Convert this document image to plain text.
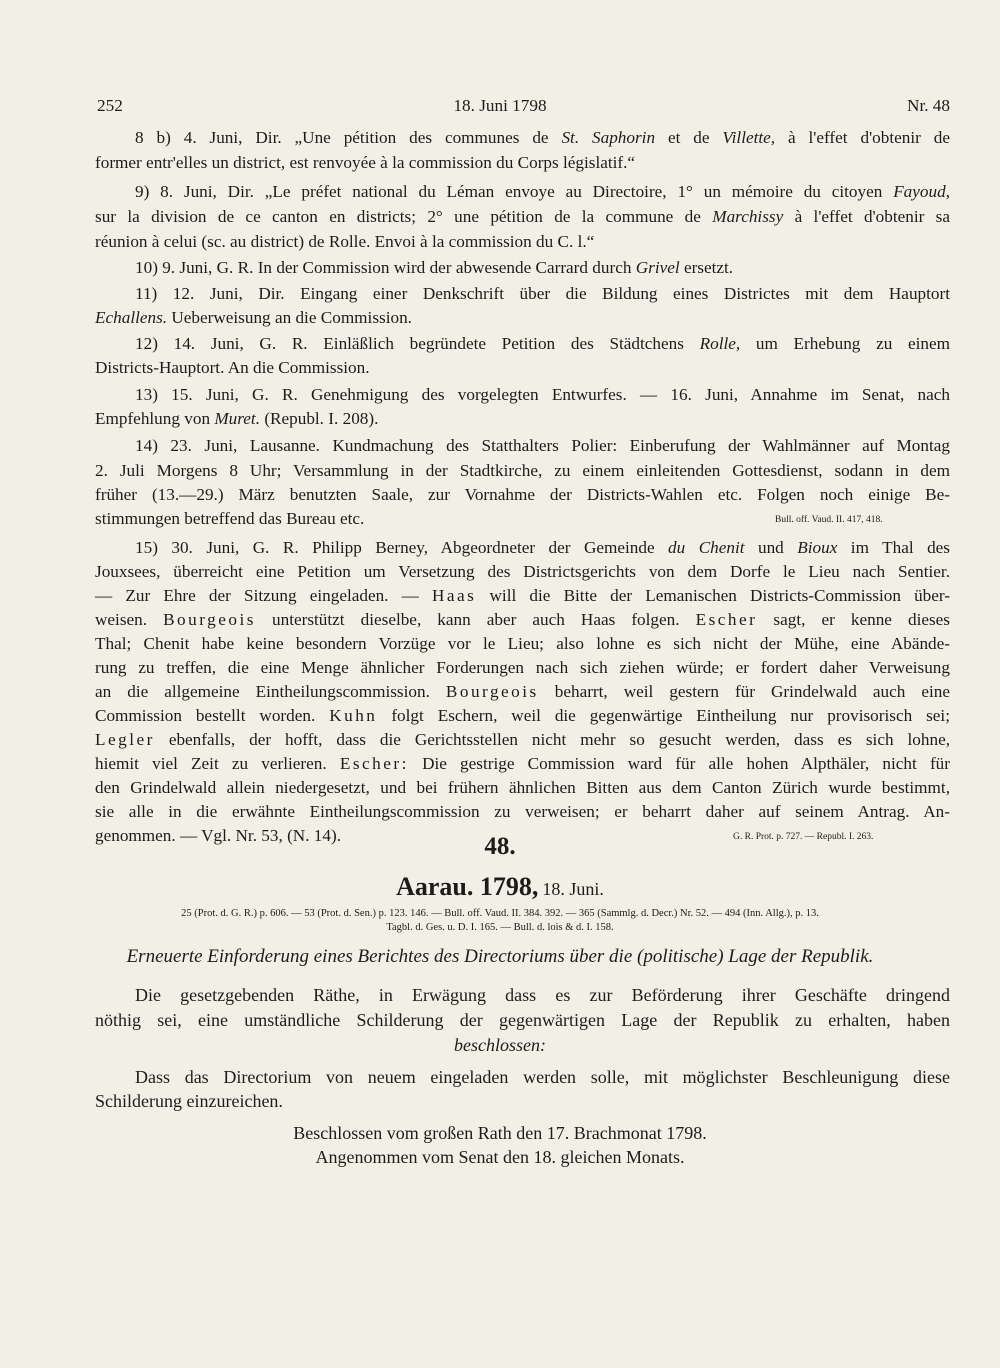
252	18. Juni 1798	Nr. 48
8 b) 4. Juni, Dir. „Une pétition des communes de St. Saphorin et de Villette, à l'effet d'obtenir de
former entr'elles un district, est renvoyée à la commission du Corps législatif.“
9) 8. Juni, Dir. „Le préfet national du Léman envoye au Directoire, 1° un mémoire du citoyen Fayoud,
sur la division de ce canton en districts; 2° une pétition de la commune de Marchissy à l'effet d'obtenir sa
réunion à celui (sc. au district) de Rolle. Envoi à la commission du C. l.“
10) 9. Juni, G. R. In der Commission wird der abwesende Carrard durch Grivel ersetzt.
11) 12. Juni, Dir. Eingang einer Denkschrift über die Bildung eines Districtes mit dem Hauptort
Echallens. Ueberweisung an die Commission.
12) 14. Juni, G. R. Einläßlich begründete Petition des Städtchens Rolle, um Erhebung zu einem
Districts-Hauptort. An die Commission.
13) 15. Juni, G. R. Genehmigung des vorgelegten Entwurfes. — 16. Juni, Annahme im Senat, nach
Empfehlung von Muret. (Republ. I. 208).
14) 23. Juni, Lausanne. Kundmachung des Statthalters Polier: Einberufung der Wahlmänner auf Montag
2. Juli Morgens 8 Uhr; Versammlung in der Stadtkirche, zu einem einleitenden Gottesdienst, sodann in dem
früher (13.—29.) März benutzten Saale, zur Vornahme der Districts-Wahlen etc. Folgen noch einige Be-
stimmungen betreffend das Bureau etc.	Bull. off. Vaud. II. 417, 418.
15) 30. Juni, G. R. Philipp Berney, Abgeordneter der Gemeinde du Chenit und Bioux im Thal des
Jouxsees, überreicht eine Petition um Versetzung des Districtsgerichts von dem Dorfe le Lieu nach Sentier.
— Zur Ehre der Sitzung eingeladen. — Haas will die Bitte der Lemanischen Districts-Commission über-
weisen. Bourgeois unterstützt dieselbe, kann aber auch Haas folgen. Escher sagt, er kenne dieses
Thal; Chenit habe keine besondern Vorzüge vor le Lieu; also lohne es sich nicht der Mühe, eine Abände-
rung zu treffen, die eine Menge ähnlicher Forderungen nach sich ziehen würde; er fordert daher Verweisung
an die allgemeine Eintheilungscommission. Bourgeois beharrt, weil gestern für Grindelwald auch eine
Commission bestellt worden. Kuhn folgt Eschern, weil die gegenwärtige Eintheilung nur provisorisch sei;
Legler ebenfalls, der hofft, dass die Gerichtsstellen nicht mehr so gesucht werden, dass es sich lohne,
hiemit viel Zeit zu verlieren. Escher: Die gestrige Commission ward für alle hohen Alpthäler, nicht für
den Grindelwald allein niedergesetzt, und bei frühern ähnlichen Bitten aus dem Canton Zürich wurde bestimmt,
sie alle in die erwähnte Eintheilungscommission zu verweisen; er beharrt daher auf seinem Antrag. An-
genommen. — Vgl. Nr. 53, (N. 14).	G. R. Prot. p. 727. — Republ. I. 263.
48.
Aarau. 1798, 18. Juni.
25 (Prot. d. G. R.) p. 606. — 53 (Prot. d. Sen.) p. 123. 146. — Bull. off. Vaud. II. 384. 392. — 365 (Sammlg. d. Decr.) Nr. 52. — 494 (Inn. Allg.), p. 13.
Tagbl. d. Ges. u. D. I. 165. — Bull. d. lois & d. I. 158.
Erneuerte Einforderung eines Berichtes des Directoriums über die (politische) Lage der Republik.
Die gesetzgebenden Räthe, in Erwägung dass es zur Beförderung ihrer Geschäfte dringend
nöthig sei, eine umständliche Schilderung der gegenwärtigen Lage der Republik zu erhalten, haben
beschlossen:
Dass das Directorium von neuem eingeladen werden solle, mit möglichster Beschleunigung diese
Schilderung einzureichen.
Beschlossen vom großen Rath den 17. Brachmonat 1798.
Angenommen vom Senat den 18. gleichen Monats.
